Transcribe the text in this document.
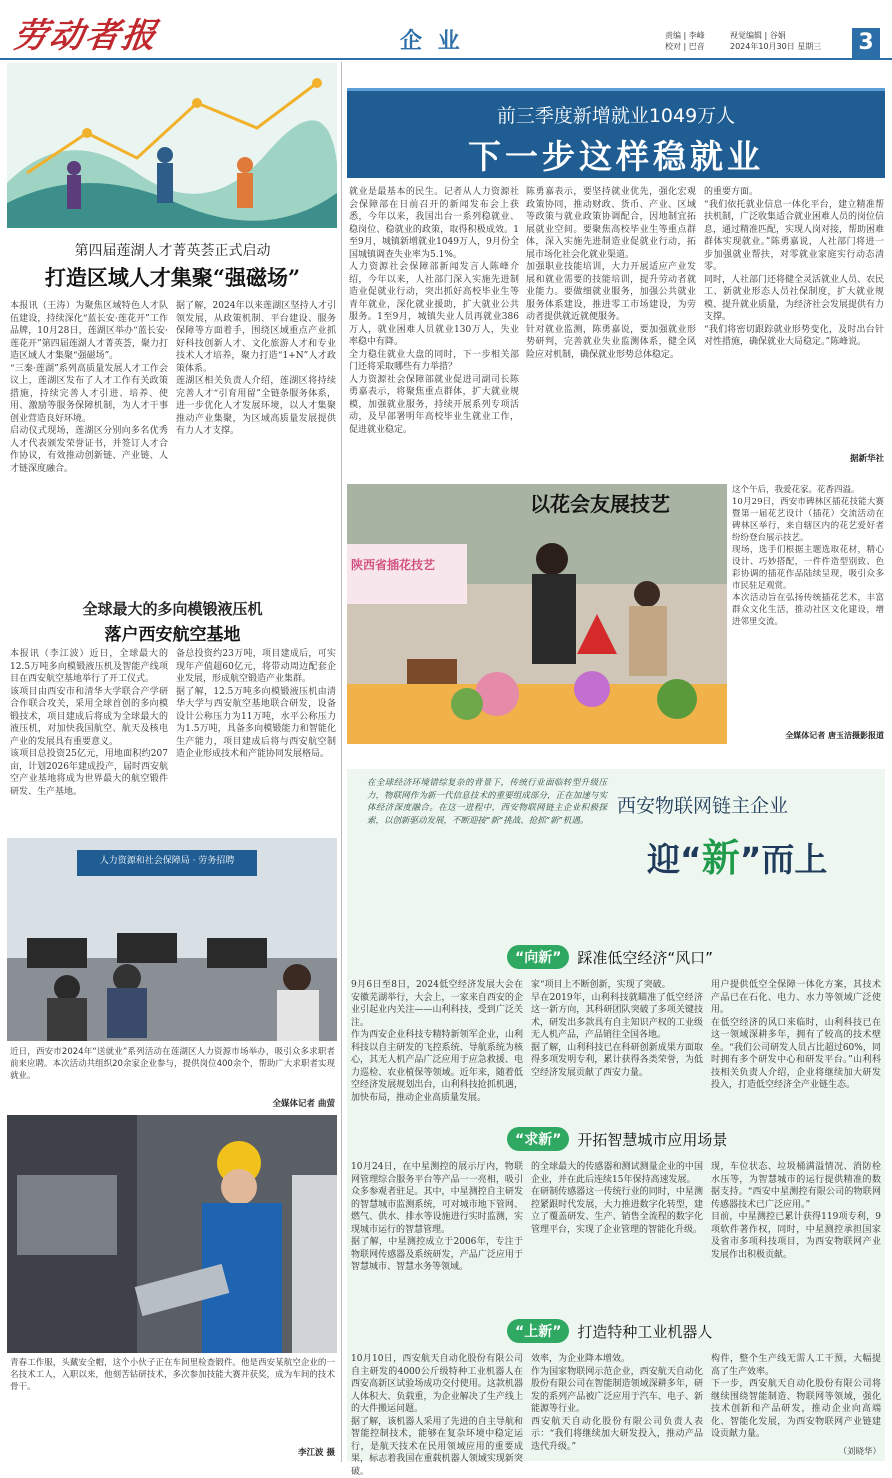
劳动者报	企 业	责编 | 李峰
校对 | 巴音
视觉编辑 | 谷娟
2024年10月30日 星期三	3
第四届莲湖人才菁英荟正式启动
打造区域人才集聚“强磁场”
本报讯（王涛）为聚焦区域特色人才队伍建设，持续深化“蓝长安·莲花开”工作品牌，10月28日，莲湖区举办“蓝长安·莲花开”第四届莲湖人才菁英荟，聚力打造区域人才集聚“强磁场”。
“三秦·莲湖”系列高质量发展人才工作会议上，莲湖区发布了人才工作有关政策措施，持续完善人才引进、培养、使用、激励等服务保障机制，为人才干事创业营造良好环境。
启动仪式现场，莲湖区分别向多名优秀人才代表颁发荣誉证书，并签订人才合作协议，有效推动创新链、产业链、人才链深度融合。
据了解，2024年以来莲湖区坚持人才引领发展，从政策机制、平台建设、服务保障等方面着手，围绕区域重点产业抓好科技创新人才、文化旅游人才和专业技术人才培养，聚力打造“1+N”人才政策体系。
莲湖区相关负责人介绍，莲湖区将持续完善人才“引育用留”全链条服务体系，进一步优化人才发展环境，以人才集聚推动产业集聚，为区域高质量发展提供有力人才支撑。
全球最大的多向模锻液压机
落户西安航空基地
本报讯（李江波）近日，全球最大的12.5万吨多向模锻液压机及智能产线项目在西安航空基地举行了开工仪式。
该项目由西安市和清华大学联合产学研合作联合攻关，采用全球首创的多向模锻技术，项目建成后将成为全球最大的液压机，对加快我国航空、航天及核电产业的发展具有重要意义。
该项目总投资25亿元，用地面积约207亩，计划2026年建成投产，届时西安航空产业基地将成为世界最大的航空锻件研发、生产基地。
备总投资约23万吨，项目建成后，可实现年产值超60亿元，将带动周边配套企业发展，形成航空锻造产业集群。
据了解，12.5万吨多向模锻液压机由清华大学与西安航空基地联合研发，设备设计公称压力为11万吨，水平公称压力为1.5万吨，具备多向模锻能力和智能化生产能力，项目建成后将与西安航空制造企业形成技术和产能协同发展格局。
人力资源和社会保障局 · 劳务招聘
近日，西安市2024年“送就业”系列活动在莲湖区人力资源市场举办，吸引众多求职者前来应聘。本次活动共组织20余家企业参与，提供岗位400余个，帮助广大求职者实现就业。
全媒体记者 曲萤
青春工作服，头戴安全帽，这个小伙子正在车间里检查锻件。他是西安某航空企业的一名技术工人，入职以来，他刻苦钻研技术，多次参加技能大赛并获奖，成为车间的技术骨干。
李江波 摄
前三季度新增就业1049万人
下一步这样稳就业
就业是最基本的民生。记者从人力资源社会保障部在日前召开的新闻发布会上获悉，今年以来，我国出台一系列稳就业、稳岗位、稳就业的政策，取得积极成效。1至9月，城镇新增就业1049万人，9月份全国城镇调查失业率为5.1%。
人力资源社会保障部新闻发言人陈峰介绍，今年以来，人社部门深入实施先进制造业促就业行动，突出抓好高校毕业生等青年就业，深化就业援助，扩大就业公共服务。1至9月，城镇失业人员再就业386万人，就业困难人员就业130万人，失业率稳中有降。
全力稳住就业大盘的同时，下一步相关部门还将采取哪些有力举措？
人力资源社会保障部就业促进司副司长陈勇嘉表示，将聚焦重点群体，扩大就业规模，加强就业服务，持续开展系列专项活动，及早部署明年高校毕业生就业工作，促进就业稳定。
陈勇嘉表示，要坚持就业优先，强化宏观政策协同，推动财政、货币、产业、区域等政策与就业政策协调配合，因地制宜拓展就业空间。要聚焦高校毕业生等重点群体，深入实施先进制造业促就业行动，拓展市场化社会化就业渠道。
加强职业技能培训，大力开展适应产业发展和就业需要的技能培训，提升劳动者就业能力。要做细就业服务，加强公共就业服务体系建设，推进零工市场建设，为劳动者提供就近就便服务。
针对就业监测，陈勇嘉说，要加强就业形势研判，完善就业失业监测体系，健全风险应对机制，确保就业形势总体稳定。
的重要方面。
“我们依托就业信息一体化平台，建立精准帮扶机制，广泛收集适合就业困难人员的岗位信息，通过精准匹配，实现人岗对接，帮助困难群体实现就业。”陈勇嘉说，人社部门将进一步加强就业帮扶，对零就业家庭实行动态清零。
同时，人社部门还将健全灵活就业人员、农民工、新就业形态人员社保制度，扩大就业规模、提升就业质量，为经济社会发展提供有力支撑。
“我们将密切跟踪就业形势变化，及时出台针对性措施，确保就业大局稳定。”陈峰说。
据新华社
陕西省插花技艺
以花会友展技艺
这个午后，我爱花家。花香四溢。
10月29日，西安市碑林区插花技能大赛暨第一届花艺设计（插花）交流活动在碑林区举行，来自辖区内的花艺爱好者纷纷登台展示技艺。
现场，选手们根据主题选取花材，精心设计、巧妙搭配，一件件造型别致、色彩协调的插花作品陆续呈现，吸引众多市民驻足观赏。
本次活动旨在弘扬传统插花艺术，丰富群众文化生活，推动社区文化建设，增进邻里交流。
全媒体记者 唐玉洁摄影报道
在全球经济环境错综复杂的背景下，传统行业面临转型升级压力，物联网作为新一代信息技术的重要组成部分，正在加速与实体经济深度融合。在这一进程中，西安物联网链主企业积极探索，以创新驱动发展，不断迎接“新”挑战、抢抓“新”机遇。
西安物联网链主企业
迎“新”而上
“向新”	踩准低空经济“风口”
9月6日至8日，2024低空经济发展大会在安徽芜湖举行，大会上，一家来自西安的企业引起业内关注——山利科技，受到广泛关注。
作为西安企业科技专精特新领军企业，山利科技以自主研发的飞控系统、导航系统为核心，其无人机产品广泛应用于应急救援、电力巡检、农业植保等领域。近年来，随着低空经济发展规划出台，山利科技抢抓机遇，加快布局，推动企业高质量发展。
家“项目上不断创新，实现了突破。
早在2019年，山利科技就瞄准了低空经济这一新方向，其科研团队突破了多项关键技术，研发出多款具有自主知识产权的工业级无人机产品，产品销往全国各地。
据了解，山利科技已在科研创新成果方面取得多项发明专利，累计获得各类荣誉，为低空经济发展贡献了西安力量。
用户提供低空全保障一体化方案，其技术产品已在石化、电力、水力等领域广泛使用。
在低空经济的风口来临时，山利科技已在这一领域深耕多年，拥有了较高的技术壁垒。“我们公司研发人员占比超过60%，同时拥有多个研发中心和研发平台。”山利科技相关负责人介绍，企业将继续加大研发投入，打造低空经济全产业链生态。
“求新”	开拓智慧城市应用场景
10月24日，在中星测控的展示厅内，物联网管理综合服务平台等产品一一亮相，吸引众多参观者驻足。其中，中星测控自主研发的智慧城市监测系统，可对城市地下管网、燃气、供水、排水等设施进行实时监测，实现城市运行的智慧管理。
据了解，中星测控成立于2006年，专注于物联网传感器及系统研发，产品广泛应用于智慧城市、智慧水务等领域。
的全球最大的传感器和测试测量企业的中国企业，并在此后连续15年保持高速发展。
在研制传感器这一传统行业的同时，中星测控紧跟时代发展，大力推进数字化转型，建立了覆盖研发、生产、销售全流程的数字化管理平台，实现了企业管理的智能化升级。
现，车位状态、垃圾桶满溢情况、消防栓水压等，为智慧城市的运行提供精准的数据支持。“西安中星测控有限公司的物联网传感器技术已广泛应用。”
目前，中星测控已累计获得119项专利，9项软件著作权，同时，中星测控承担国家及省市多项科技项目，为西安物联网产业发展作出积极贡献。
“上新”	打造特种工业机器人
10月10日，西安航天自动化股份有限公司自主研发的4000公斤级特种工业机器人在西安高新区试验场成功交付使用。这款机器人体积大、负载重，为企业解决了生产线上的大件搬运问题。
据了解，该机器人采用了先进的自主导航和智能控制技术，能够在复杂环境中稳定运行，是航天技术在民用领域应用的重要成果，标志着我国在重载机器人领域实现新突破。
效率，为企业降本增效。
作为国家物联网示范企业，西安航天自动化股份有限公司在智能制造领域深耕多年，研发的系列产品被广泛应用于汽车、电子、新能源等行业。
西安航天自动化股份有限公司负责人表示：“我们将继续加大研发投入，推动产品迭代升级。”
构件，整个生产线无需人工干预，大幅提高了生产效率。
下一步，西安航天自动化股份有限公司将继续围绕智能制造、物联网等领域，强化技术创新和产品研发，推动企业向高端化、智能化发展，为西安物联网产业链建设贡献力量。
（刘晓华）
